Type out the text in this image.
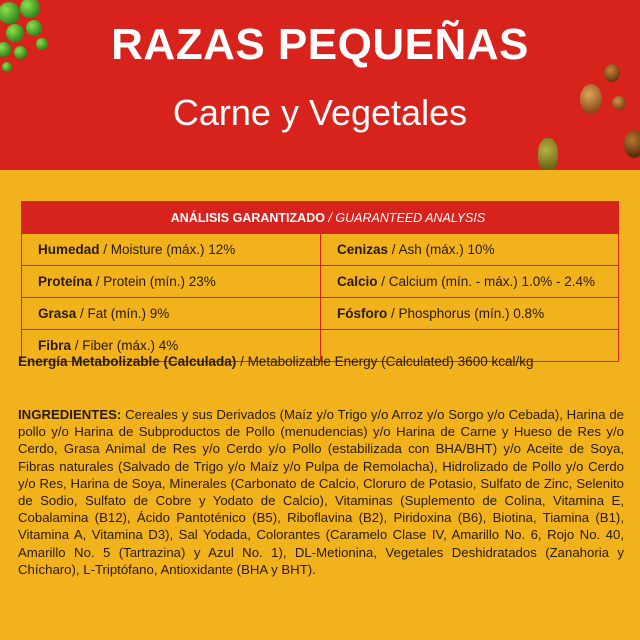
RAZAS PEQUEÑAS
Carne y Vegetales
ANÁLISIS GARANTIZADO / GUARANTEED ANALYSIS	
Humedad / Moisture (máx.) 12%	Cenizas / Ash (máx.) 10%
Proteína / Protein (mín.) 23%	Calcio / Calcium (mín. - máx.) 1.0% - 2.4%
Grasa / Fat (mín.) 9%	Fósforo / Phosphorus (mín.) 0.8%
Fibra / Fiber (máx.) 4%	
Energía Metabolizable (Calculada) / Metabolizable Energy (Calculated) 3600 kcal/kg
INGREDIENTES: Cereales y sus Derivados (Maíz y/o Trigo y/o Arroz y/o Sorgo y/o Cebada), Harina de pollo y/o Harina de Subproductos de Pollo (menudencias) y/o Harina de Carne y Hueso de Res y/o Cerdo, Grasa Animal de Res y/o Cerdo y/o Pollo (estabilizada con BHA/BHT) y/o Aceite de Soya, Fibras naturales (Salvado de Trigo y/o Maíz y/o Pulpa de Remolacha), Hidrolizado de Pollo y/o Cerdo y/o Res, Harina de Soya, Minerales (Carbonato de Calcio, Cloruro de Potasio, Sulfato de Zinc, Selenito de Sodio, Sulfato de Cobre y Yodato de Calcio), Vitaminas (Suplemento de Colina, Vitamina E, Cobalamina (B12), Ácido Pantoténico (B5), Riboflavina (B2), Piridoxina (B6), Biotina, Tiamina (B1), Vitamina A, Vitamina D3), Sal Yodada, Colorantes (Caramelo Clase IV, Amarillo No. 6, Rojo No. 40, Amarillo No. 5 (Tartrazina) y Azul No. 1), DL-Metionina, Vegetales Deshidratados (Zanahoria y Chícharo), L-Triptófano, Antioxidante (BHA y BHT).
